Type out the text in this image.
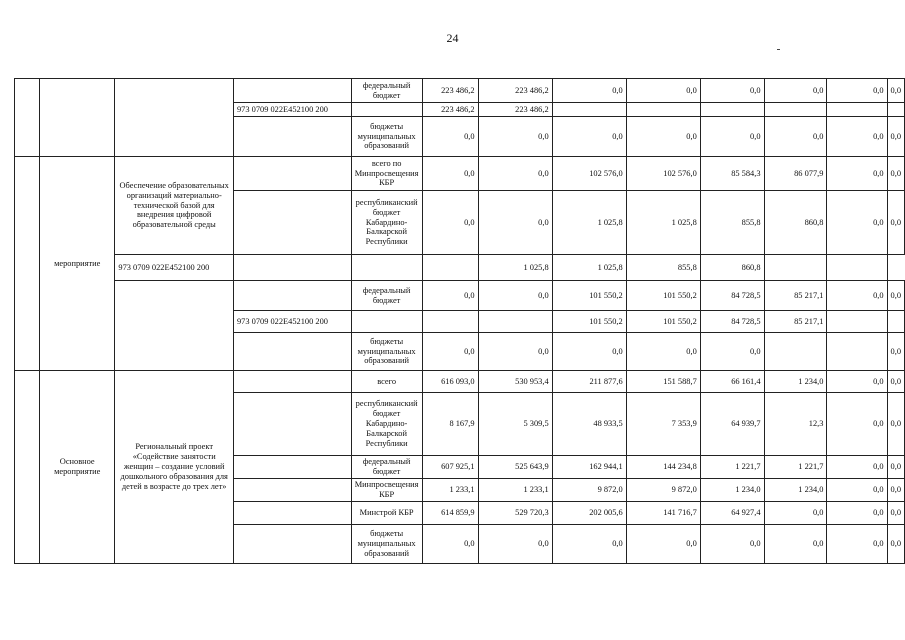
24
				федеральный бюджет	223 486,2	223 486,2	0,0	0,0	0,0	0,0	0,0	0,0
			973 0709 022E452100 200		223 486,2	223 486,2						
				бюджеты муниципальных образований	0,0	0,0	0,0	0,0	0,0	0,0	0,0	0,0
	мероприятие	Обеспечение образовательных организаций материально-технической базой для внедрения цифровой образовательной среды		всего по Минпросвещения КБР	0,0	0,0	102 576,0	102 576,0	85 584,3	86 077,9	0,0	0,0
				республиканский бюджет Кабардино-Балкарской Республики	0,0	0,0	1 025,8	1 025,8	855,8	860,8	0,0	0,0
		973 0709 022E452100 200				1 025,8	1 025,8	855,8	860,8			
				федеральный бюджет	0,0	0,0	101 550,2	101 550,2	84 728,5	85 217,1	0,0	0,0
			973 0709 022E452100 200				101 550,2	101 550,2	84 728,5	85 217,1		
				бюджеты муниципальных образований	0,0	0,0	0,0	0,0	0,0			0,0
	Основное мероприятие	Региональный проект «Содействие занятости женщин – создание условий дошкольного образования для детей в возрасте до трех лет»		всего	616 093,0	530 953,4	211 877,6	151 588,7	66 161,4	1 234,0	0,0	0,0
				республиканский бюджет Кабардино-Балкарской Республики	8 167,9	5 309,5	48 933,5	7 353,9	64 939,7	12,3	0,0	0,0
				федеральный бюджет	607 925,1	525 643,9	162 944,1	144 234,8	1 221,7	1 221,7	0,0	0,0
				Минпросвещения КБР	1 233,1	1 233,1	9 872,0	9 872,0	1 234,0	1 234,0	0,0	0,0
				Минстрой КБР	614 859,9	529 720,3	202 005,6	141 716,7	64 927,4	0,0	0,0	0,0
				бюджеты муниципальных образований	0,0	0,0	0,0	0,0	0,0	0,0	0,0	0,0
